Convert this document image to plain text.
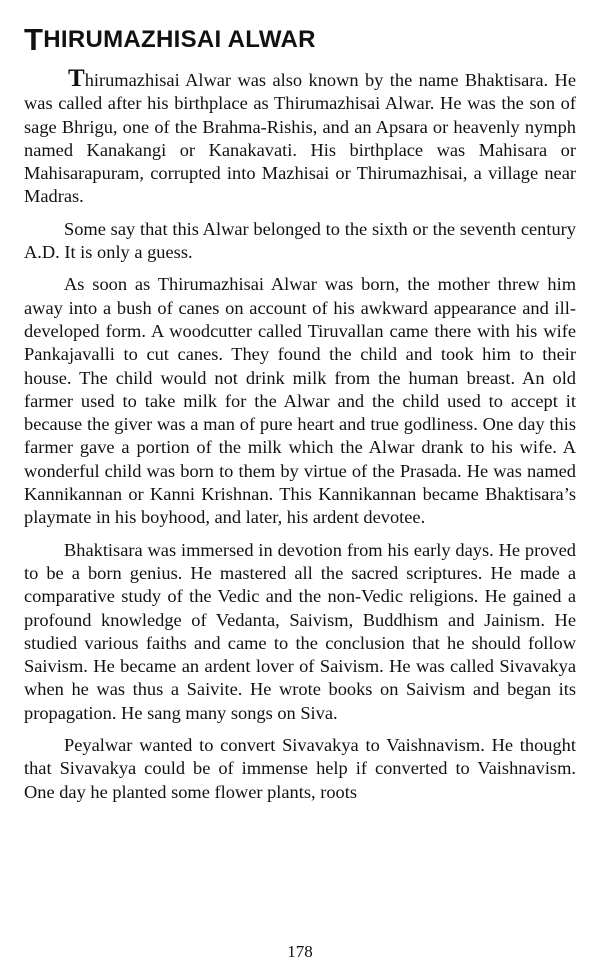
THIRUMAZHISAI ALWAR

Thirumazhisai Alwar was also known by the name Bhaktisara. He was called after his birthplace as Thirumazhisai Alwar. He was the son of sage Bhrigu, one of the Brahma-Rishis, and an Apsara or heavenly nymph named Kanakangi or Kanakavati. His birthplace was Mahisara or Mahisarapuram, corrupted into Mazhisai or Thirumazhisai, a village near Madras.

Some say that this Alwar belonged to the sixth or the seventh century A.D. It is only a guess.

As soon as Thirumazhisai Alwar was born, the mother threw him away into a bush of canes on account of his awkward appearance and ill-developed form. A woodcutter called Tiruvallan came there with his wife Pankajavalli to cut canes. They found the child and took him to their house. The child would not drink milk from the human breast. An old farmer used to take milk for the Alwar and the child used to accept it because the giver was a man of pure heart and true godliness. One day this farmer gave a portion of the milk which the Alwar drank to his wife. A wonderful child was born to them by virtue of the Prasada. He was named Kannikannan or Kanni Krishnan. This Kannikannan became Bhaktisara’s playmate in his boyhood, and later, his ardent devotee.

Bhaktisara was immersed in devotion from his early days. He proved to be a born genius. He mastered all the sacred scriptures. He made a comparative study of the Vedic and the non-Vedic religions. He gained a profound knowledge of Vedanta, Saivism, Buddhism and Jainism. He studied various faiths and came to the conclusion that he should follow Saivism. He became an ardent lover of Saivism. He was called Sivavakya when he was thus a Saivite. He wrote books on Saivism and began its propagation. He sang many songs on Siva.

Peyalwar wanted to convert Sivavakya to Vaishnavism. He thought that Sivavakya could be of immense help if converted to Vaishnavism. One day he planted some flower plants, roots

178
